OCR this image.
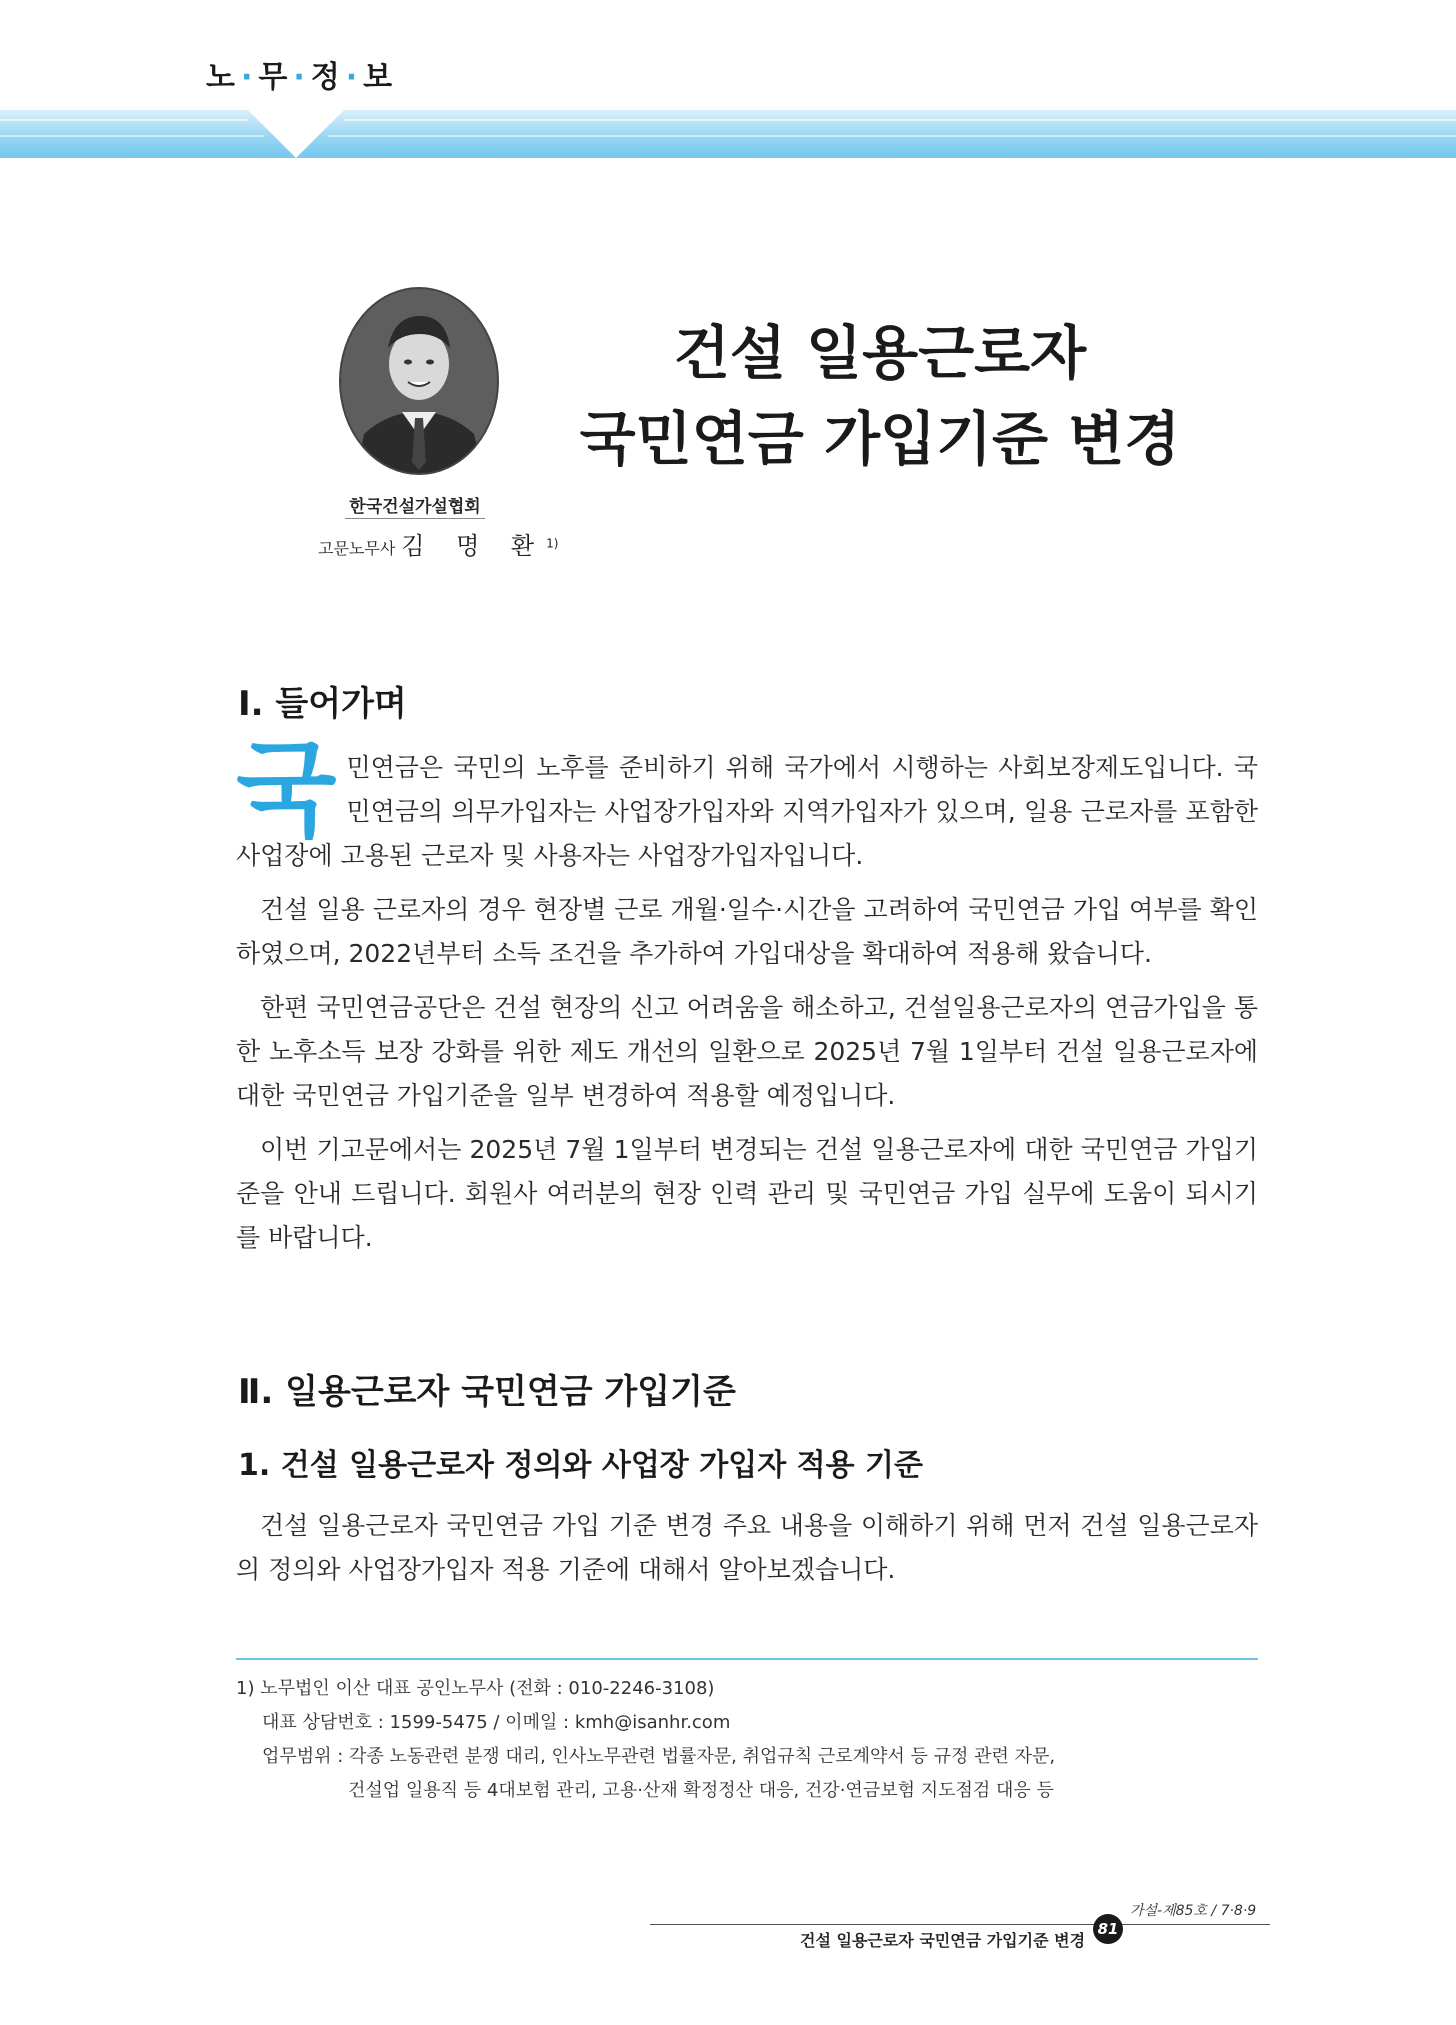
노 · 무 · 정 · 보
한국건설가설협회
고문노무사 김 명 환$^{1)}$
건설 일용근로자
국민연금 가입기준 변경
Ⅰ. 들어가며

국민연금은 국민의 노후를 준비하기 위해 국가에서 시행하는 사회보장제도입니다. 국민연금의 의무가입자는 사업장가입자와 지역가입자가 있으며, 일용 근로자를 포함한 사업장에 고용된 근로자 및 사용자는 사업장가입자입니다.

건설 일용 근로자의 경우 현장별 근로 개월·일수·시간을 고려하여 국민연금 가입 여부를 확인하였으며, 2022년부터 소득 조건을 추가하여 가입대상을 확대하여 적용해 왔습니다.

한편 국민연금공단은 건설 현장의 신고 어려움을 해소하고, 건설일용근로자의 연금가입을 통한 노후소득 보장 강화를 위한 제도 개선의 일환으로 2025년 7월 1일부터 건설 일용근로자에 대한 국민연금 가입기준을 일부 변경하여 적용할 예정입니다.

이번 기고문에서는 2025년 7월 1일부터 변경되는 건설 일용근로자에 대한 국민연금 가입기준을 안내 드립니다. 회원사 여러분의 현장 인력 관리 및 국민연금 가입 실무에 도움이 되시기를 바랍니다.

Ⅱ. 일용근로자 국민연금 가입기준
1. 건설 일용근로자 정의와 사업장 가입자 적용 기준

건설 일용근로자 국민연금 가입 기준 변경 주요 내용을 이해하기 위해 먼저 건설 일용근로자의 정의와 사업장가입자 적용 기준에 대해서 알아보겠습니다.

1) 노무법인 이산 대표 공인노무사 (전화 : 010-2246-3108)
대표 상담번호 : 1599-5475 / 이메일 : kmh@isanhr.com
업무범위 : 각종 노동관련 분쟁 대리, 인사노무관련 법률자문, 취업규칙 근로계약서 등 규정 관련 자문,
건설업 일용직 등 4대보험 관리, 고용·산재 확정정산 대응, 건강·연금보험 지도점검 대응 등
81
가설-제85호 / 7·8·9
건설 일용근로자 국민연금 가입기준 변경
